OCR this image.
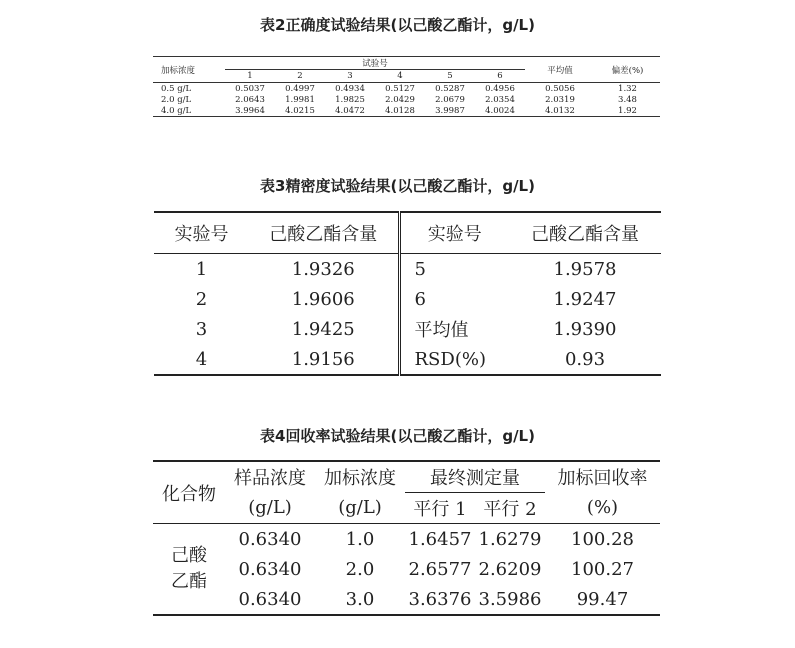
表2正确度试验结果(以己酸乙酯计，g/L)
加标浓度	试验号						平均值	偏差(%)
	1	2	3	4	5	6		
0.5 g/L	0.5037	0.4997	0.4934	0.5127	0.5287	0.4956	0.5056	1.32
2.0 g/L	2.0643	1.9981	1.9825	2.0429	2.0679	2.0354	2.0319	3.48
4.0 g/L	3.9964	4.0215	4.0472	4.0128	3.9987	4.0024	4.0132	1.92
表3精密度试验结果(以己酸乙酯计，g/L)
实验号	己酸乙酯含量	实验号	己酸乙酯含量
1	1.9326	5	1.9578
2	1.9606	6	1.9247
3	1.9425	平均值	1.9390
4	1.9156	RSD(%)	0.93
表4回收率试验结果(以己酸乙酯计，g/L)
化合物	样品浓度	加标浓度	最终测定量		加标回收率
	(g/L)	(g/L)	平行 1	平行 2	(%)

己酸
乙酯	0.6340	1.0	1.6457	1.6279	100.28
	0.6340	2.0	2.6577	2.6209	100.27
	0.6340	3.0	3.6376	3.5986	99.47
